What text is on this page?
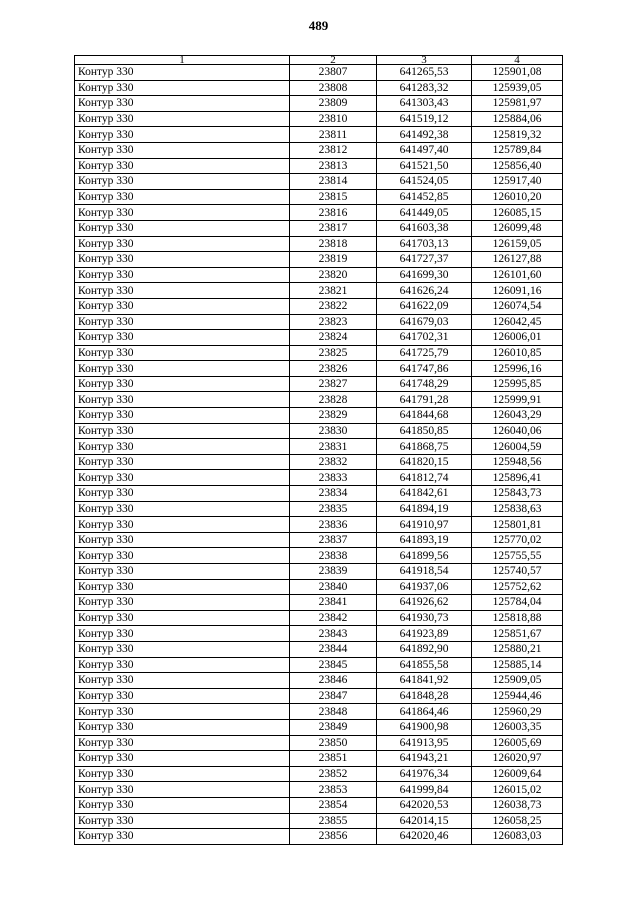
489
1	2	3	4
Контур 330	23807	641265,53	125901,08
Контур 330	23808	641283,32	125939,05
Контур 330	23809	641303,43	125981,97
Контур 330	23810	641519,12	125884,06
Контур 330	23811	641492,38	125819,32
Контур 330	23812	641497,40	125789,84
Контур 330	23813	641521,50	125856,40
Контур 330	23814	641524,05	125917,40
Контур 330	23815	641452,85	126010,20
Контур 330	23816	641449,05	126085,15
Контур 330	23817	641603,38	126099,48
Контур 330	23818	641703,13	126159,05
Контур 330	23819	641727,37	126127,88
Контур 330	23820	641699,30	126101,60
Контур 330	23821	641626,24	126091,16
Контур 330	23822	641622,09	126074,54
Контур 330	23823	641679,03	126042,45
Контур 330	23824	641702,31	126006,01
Контур 330	23825	641725,79	126010,85
Контур 330	23826	641747,86	125996,16
Контур 330	23827	641748,29	125995,85
Контур 330	23828	641791,28	125999,91
Контур 330	23829	641844,68	126043,29
Контур 330	23830	641850,85	126040,06
Контур 330	23831	641868,75	126004,59
Контур 330	23832	641820,15	125948,56
Контур 330	23833	641812,74	125896,41
Контур 330	23834	641842,61	125843,73
Контур 330	23835	641894,19	125838,63
Контур 330	23836	641910,97	125801,81
Контур 330	23837	641893,19	125770,02
Контур 330	23838	641899,56	125755,55
Контур 330	23839	641918,54	125740,57
Контур 330	23840	641937,06	125752,62
Контур 330	23841	641926,62	125784,04
Контур 330	23842	641930,73	125818,88
Контур 330	23843	641923,89	125851,67
Контур 330	23844	641892,90	125880,21
Контур 330	23845	641855,58	125885,14
Контур 330	23846	641841,92	125909,05
Контур 330	23847	641848,28	125944,46
Контур 330	23848	641864,46	125960,29
Контур 330	23849	641900,98	126003,35
Контур 330	23850	641913,95	126005,69
Контур 330	23851	641943,21	126020,97
Контур 330	23852	641976,34	126009,64
Контур 330	23853	641999,84	126015,02
Контур 330	23854	642020,53	126038,73
Контур 330	23855	642014,15	126058,25
Контур 330	23856	642020,46	126083,03
